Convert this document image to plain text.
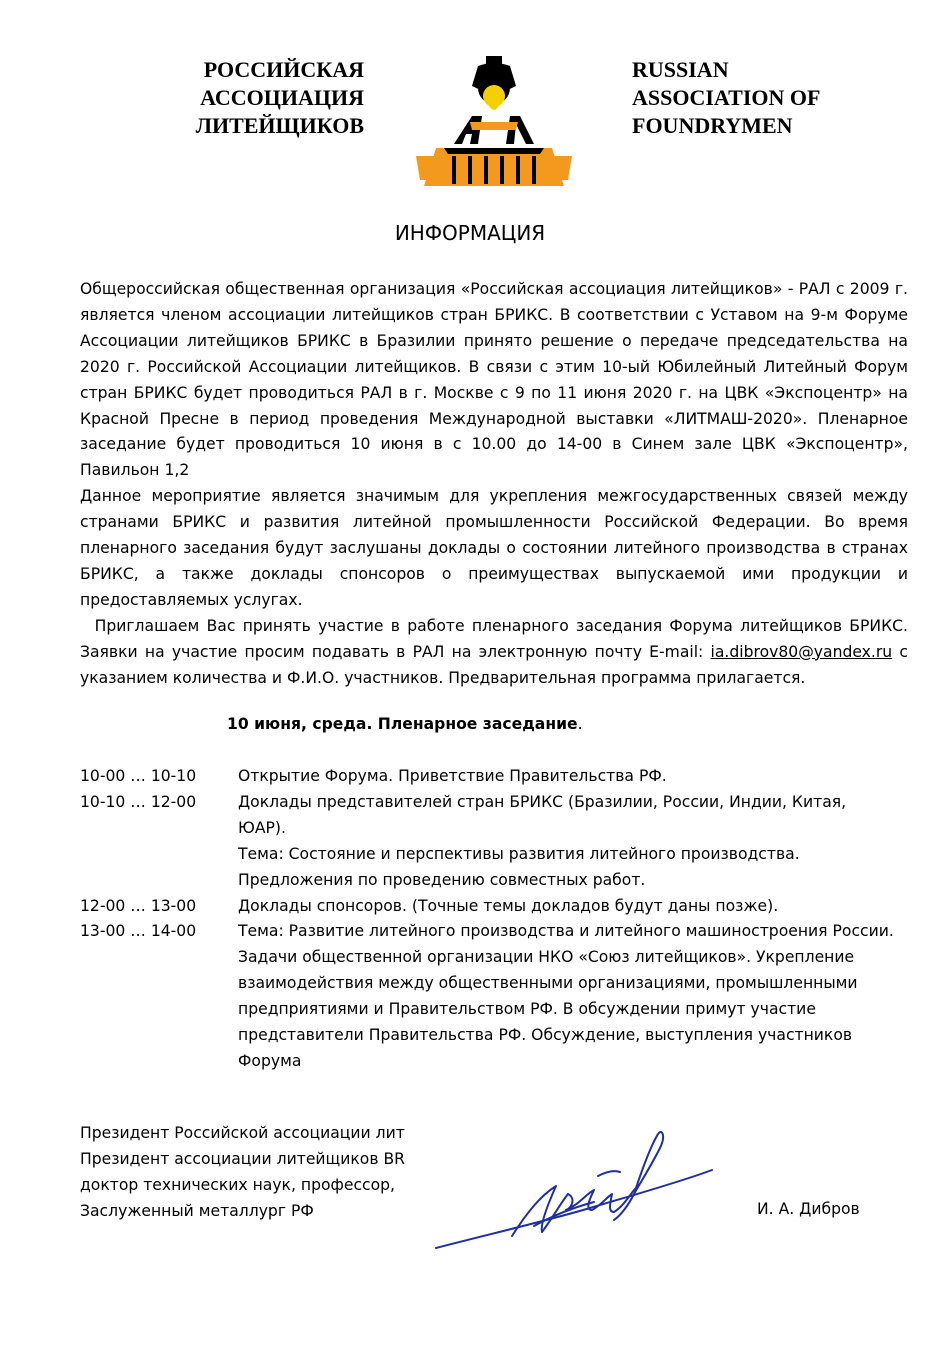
РОССИЙСКАЯ
АССОЦИАЦИЯ
ЛИТЕЙЩИКОВ
RUSSIAN
ASSOCIATION OF
FOUNDRYMEN
ИНФОРМАЦИЯ

Общероссийская общественная организация «Российская ассоциация литейщиков» - РАЛ с 2009 г. является членом ассоциации литейщиков стран БРИКС. В соответствии с Уставом на 9-м Форуме Ассоциации литейщиков БРИКС в Бразилии принято решение о передаче председательства на 2020 г. Российской Ассоциации литейщиков. В связи с этим 10-ый Юбилейный Литейный Форум стран БРИКС будет проводиться РАЛ в г. Москве с 9 по 11 июня 2020 г. на ЦВК «Экспоцентр» на Красной Пресне в период проведения Международной выставки «ЛИТМАШ-2020». Пленарное заседание будет проводиться 10 июня в с 10.00 до 14-00 в Синем зале ЦВК «Экспоцентр», Павильон 1,2

Данное мероприятие является значимым для укрепления межгосударственных связей между странами БРИКС и развития литейной промышленности Российской Федерации. Во время пленарного заседания будут заслушаны доклады о состоянии литейного производства в странах БРИКС, а также доклады спонсоров о преимуществах выпускаемой ими продукции и предоставляемых услугах.

Приглашаем Вас принять участие в работе пленарного заседания Форума литейщиков БРИКС. Заявки на участие просим подавать в РАЛ на электронную почту E-mail: ia.dibrov80@yandex.ru с указанием количества и Ф.И.О. участников. Предварительная программа прилагается.

10 июня, среда. Пленарное заседание.

10-00 … 10-10	Открытие Форума. Приветствие Правительства РФ.
10-10 … 12-00	Доклады представителей стран БРИКС (Бразилии, России, Индии, Китая, ЮАР).
Тема: Состояние и перспективы развития литейного производства. Предложения по проведению совместных работ.
12-00 … 13-00	Доклады спонсоров. (Точные темы докладов будут даны позже).
13-00 … 14-00	Тема: Развитие литейного производства и литейного машиностроения России. Задачи общественной организации НКО «Союз литейщиков». Укрепление взаимодействия между общественными организациями, промышленными предприятиями и Правительством РФ. В обсуждении примут участие представители Правительства РФ. Обсуждение, выступления участников Форума
Президент Российской ассоциации лит
Президент ассоциации литейщиков BR
доктор технических наук, профессор,
Заслуженный металлург РФ	И. А. Дибров
